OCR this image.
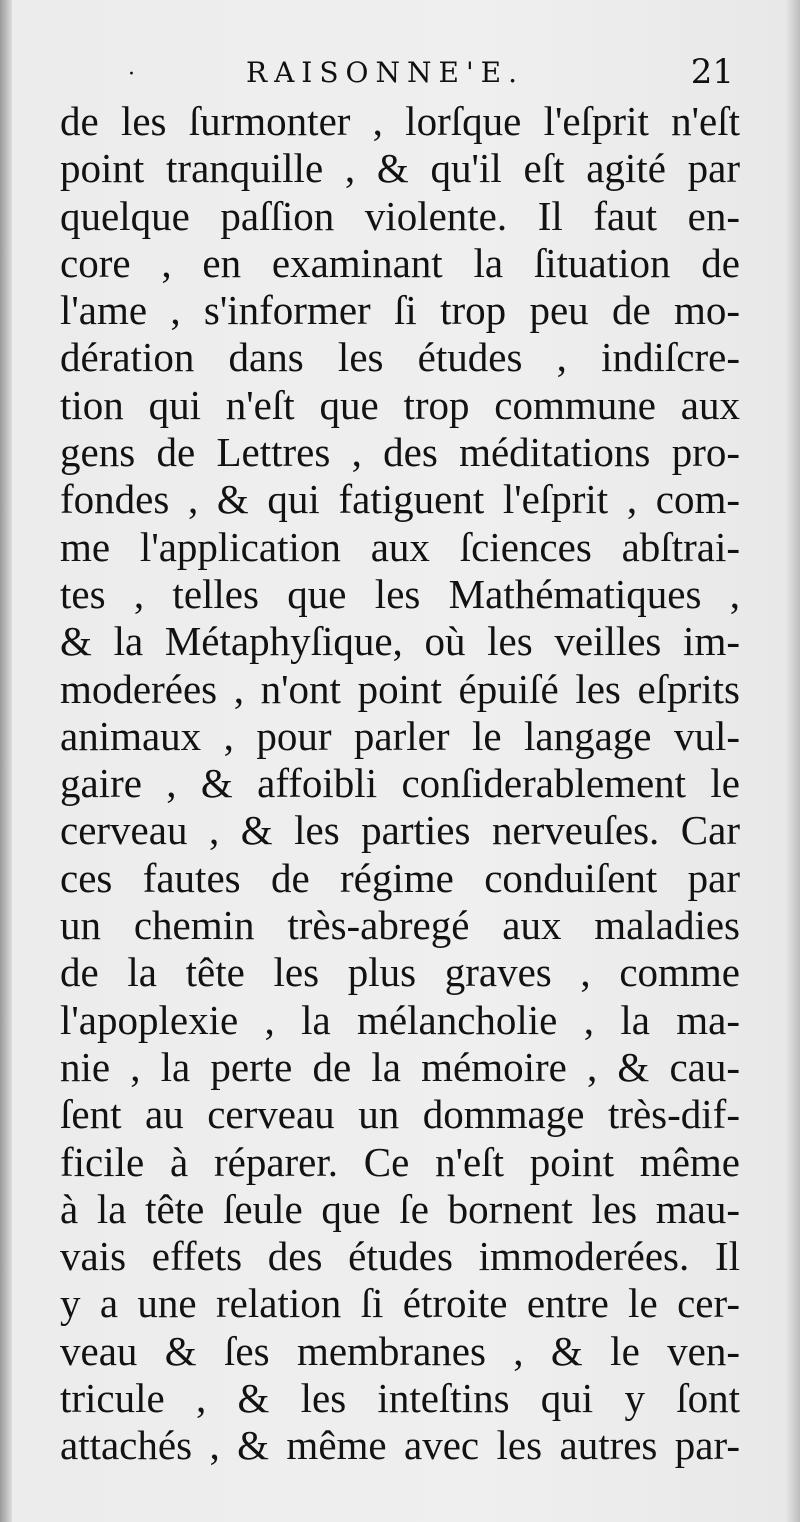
·	RAISONNE'E.	21
de les ſurmonter , lorſque l'eſprit n'eſt
point tranquille , & qu'il eſt agité par
quelque paſſion violente. Il faut en-
core , en examinant la ſituation de
l'ame , s'informer ſi trop peu de mo-
dération dans les études , indiſcre-
tion qui n'eſt que trop commune aux
gens de Lettres , des méditations pro-
fondes , & qui fatiguent l'eſprit , com-
me l'application aux ſciences abſtrai-
tes , telles que les Mathématiques ,
& la Métaphyſique, où les veilles im-
moderées , n'ont point épuiſé les eſprits
animaux , pour parler le langage vul-
gaire , & affoibli conſiderablement le
cerveau , & les parties nerveuſes. Car
ces fautes de régime conduiſent par
un chemin très-abregé aux maladies
de la tête les plus graves , comme
l'apoplexie , la mélancholie , la ma-
nie , la perte de la mémoire , & cau-
ſent au cerveau un dommage très-dif-
ficile à réparer. Ce n'eſt point même
à la tête ſeule que ſe bornent les mau-
vais effets des études immoderées. Il
y a une relation ſi étroite entre le cer-
veau & ſes membranes , & le ven-
tricule , & les inteſtins qui y ſont
attachés , & même avec les autres par-
